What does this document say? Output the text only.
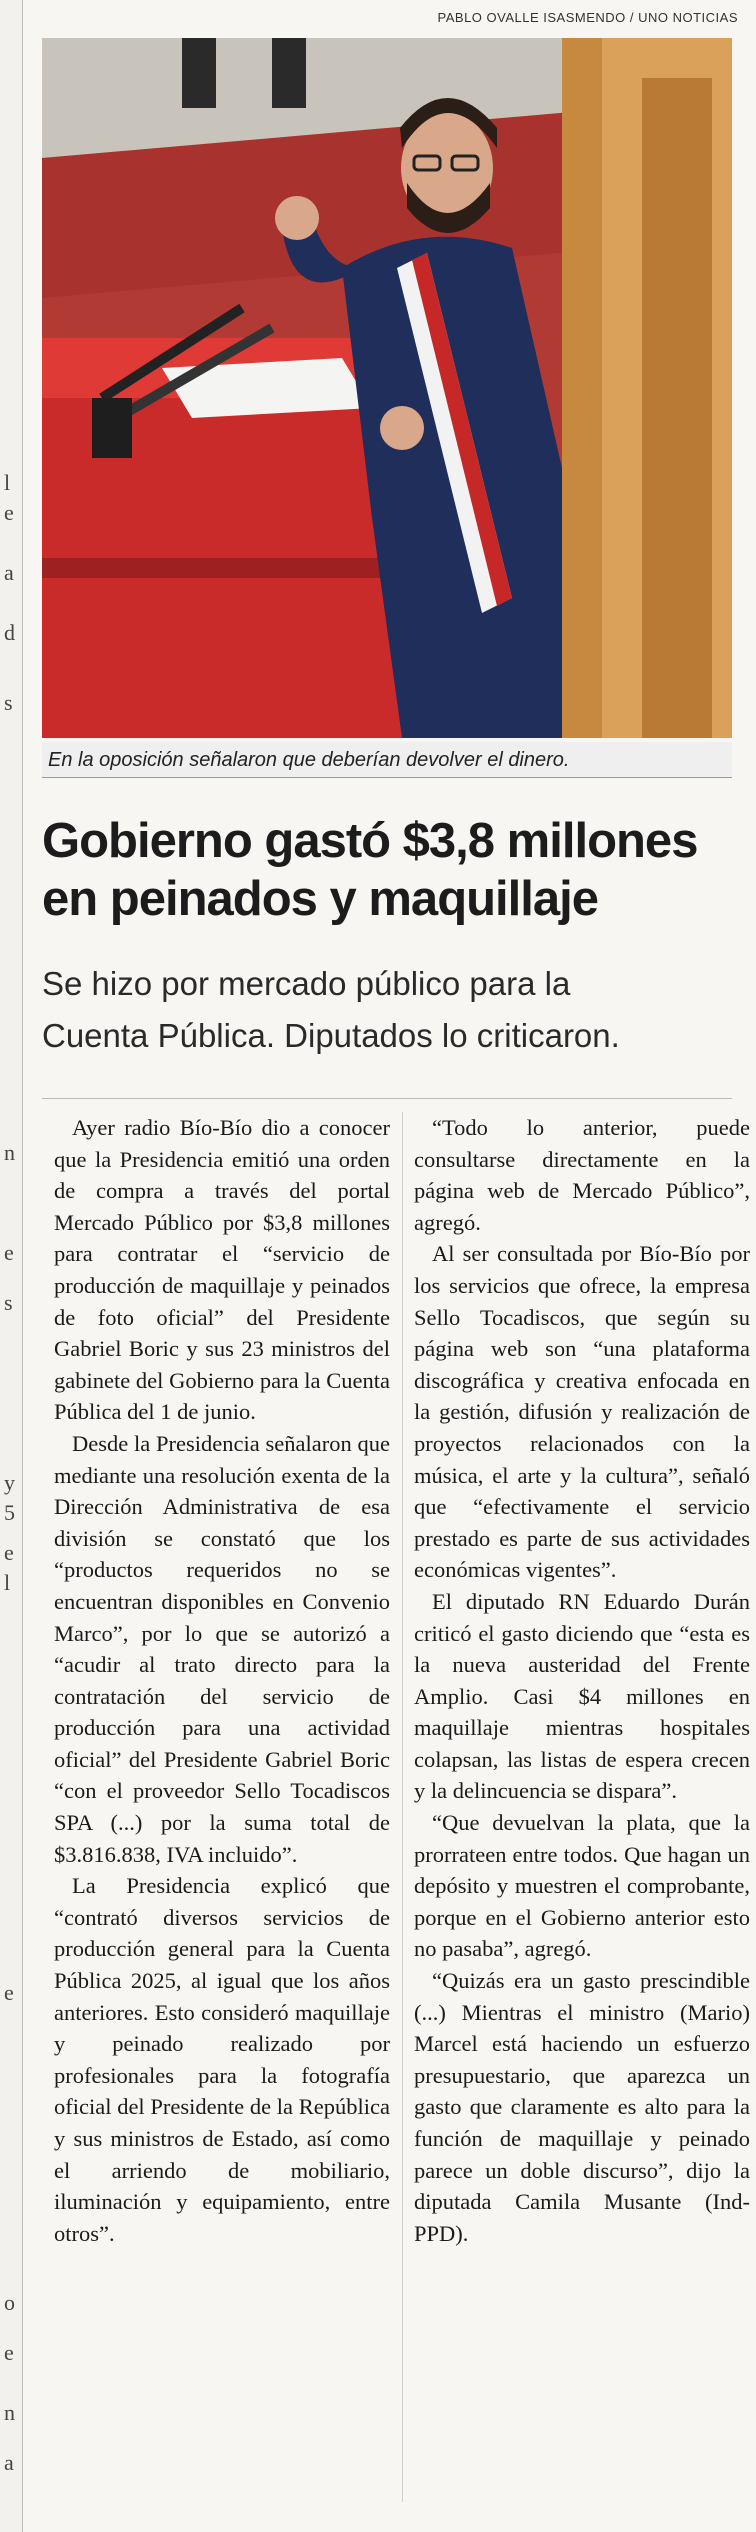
l
e
a
d
s
n
e
s
y
5
e
l
e
o
e
n
a
PABLO OVALLE ISASMENDO / UNO NOTICIAS
En la oposición señalaron que deberían devolver el dinero.
Gobierno gastó $3,8 millones
en peinados y maquillaje
Se hizo por mercado público para la
Cuenta Pública. Diputados lo criticaron.

Ayer radio Bío-Bío dio a conocer que la Presidencia emitió una orden de compra a través del portal Mercado Público por $3,8 millones para contratar el “servicio de producción de maquillaje y peinados de foto oficial” del Presidente Gabriel Boric y sus 23 ministros del gabinete del Gobierno para la Cuenta Pública del 1 de junio.

Desde la Presidencia señalaron que mediante una resolución exenta de la Dirección Administrativa de esa división se constató que los “productos requeridos no se encuentran disponibles en Convenio Marco”, por lo que se autorizó a “acudir al trato directo para la contratación del servicio de producción para una actividad oficial” del Presidente Gabriel Boric “con el proveedor Sello Tocadiscos SPA (...) por la suma total de $3.816.838, IVA incluido”.

La Presidencia explicó que “contrató diversos servicios de producción general para la Cuenta Pública 2025, al igual que los años anteriores. Esto consideró maquillaje y peinado realizado por profesionales para la fotografía oficial del Presidente de la República y sus ministros de Estado, así como el arriendo de mobiliario, iluminación y equipamiento, entre otros”.

“Todo lo anterior, puede consultarse directamente en la página web de Mercado Público”, agregó.

Al ser consultada por Bío-Bío por los servicios que ofrece, la empresa Sello Tocadiscos, que según su página web son “una plataforma discográfica y creativa enfocada en la gestión, difusión y realización de proyectos relacionados con la música, el arte y la cultura”, señaló que “efectivamente el servicio prestado es parte de sus actividades económicas vigentes”.

El diputado RN Eduardo Durán criticó el gasto diciendo que “esta es la nueva austeridad del Frente Amplio. Casi $4 millones en maquillaje mientras hospitales colapsan, las listas de espera crecen y la delincuencia se dispara”.

“Que devuelvan la plata, que la prorrateen entre todos. Que hagan un depósito y muestren el comprobante, porque en el Gobierno anterior esto no pasaba”, agregó.

“Quizás era un gasto prescindible (...) Mientras el ministro (Mario) Marcel está haciendo un esfuerzo presupuestario, que aparezca un gasto que claramente es alto para la función de maquillaje y peinado parece un doble discurso”, dijo la diputada Camila Musante (Ind-PPD).
